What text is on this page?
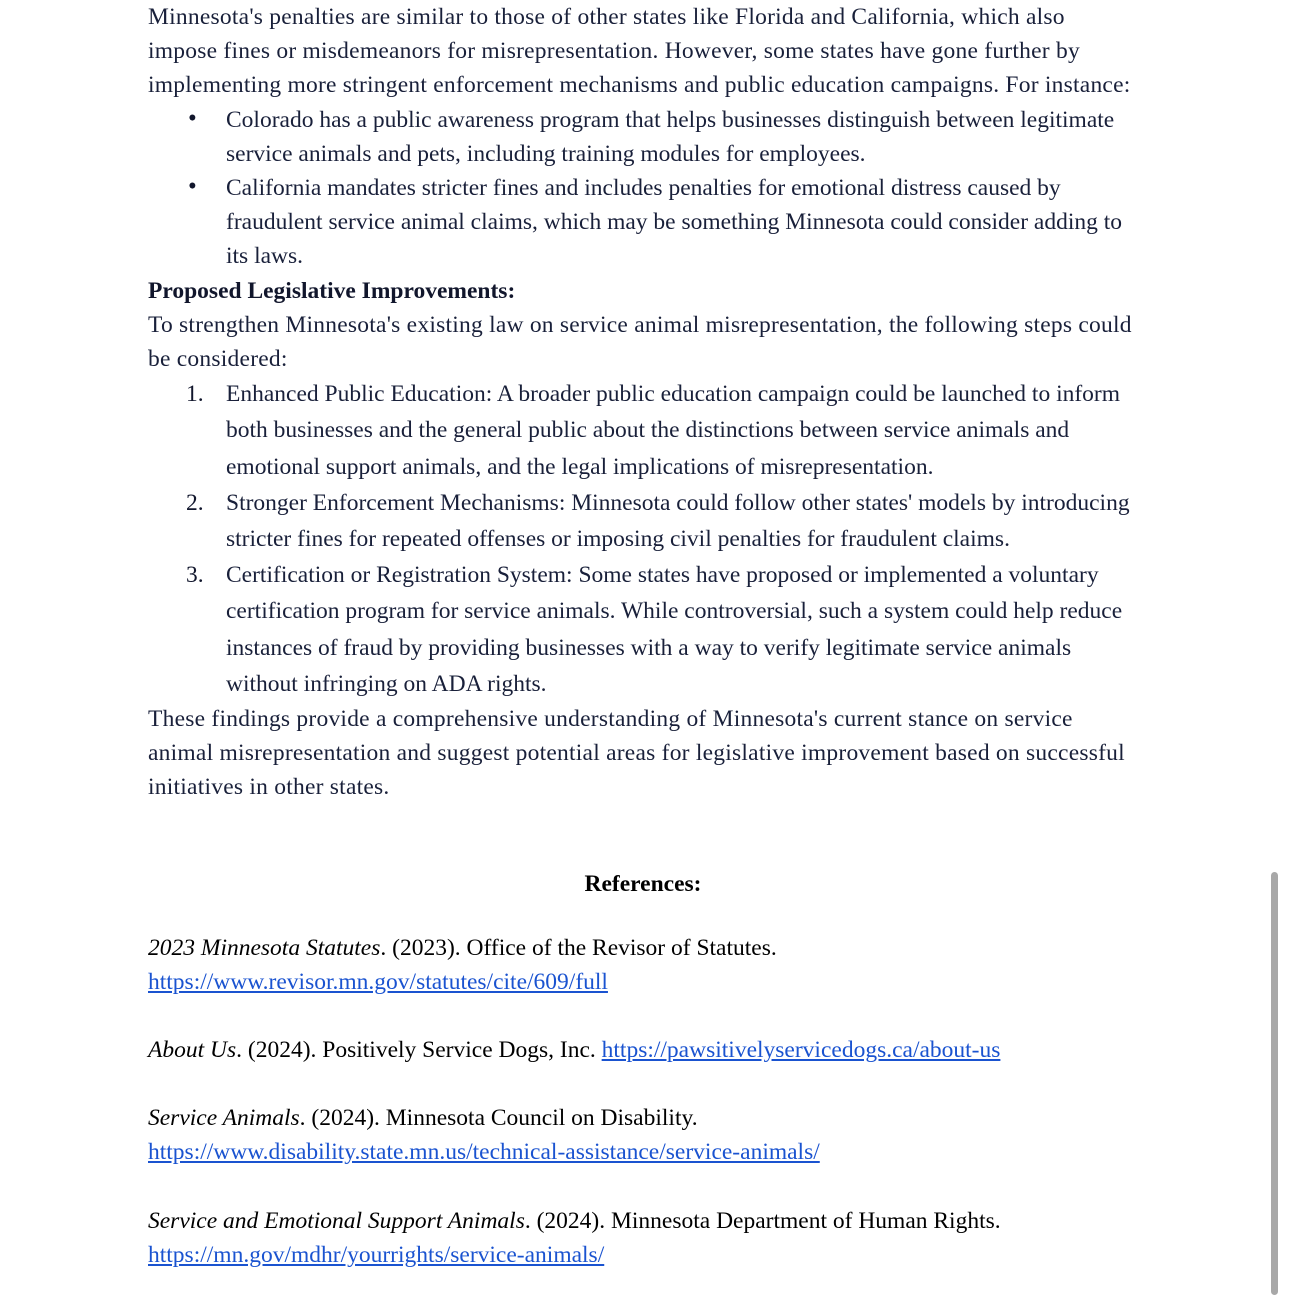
Minnesota's penalties are similar to those of other states like Florida and California, which also impose fines or misdemeanors for misrepresentation. However, some states have gone further by implementing more stringent enforcement mechanisms and public education campaigns. For instance:

• Colorado has a public awareness program that helps businesses distinguish between legitimate service animals and pets, including training modules for employees.
• California mandates stricter fines and includes penalties for emotional distress caused by fraudulent service animal claims, which may be something Minnesota could consider adding to its laws.

Proposed Legislative Improvements:

To strengthen Minnesota's existing law on service animal misrepresentation, the following steps could be considered:

Enhanced Public Education: A broader public education campaign could be launched to inform both businesses and the general public about the distinctions between service animals and emotional support animals, and the legal implications of misrepresentation.
Stronger Enforcement Mechanisms: Minnesota could follow other states' models by introducing stricter fines for repeated offenses or imposing civil penalties for fraudulent claims.
Certification or Registration System: Some states have proposed or implemented a voluntary certification program for service animals. While controversial, such a system could help reduce instances of fraud by providing businesses with a way to verify legitimate service animals without infringing on ADA rights.

These findings provide a comprehensive understanding of Minnesota's current stance on service animal misrepresentation and suggest potential areas for legislative improvement based on successful initiatives in other states.

References:

2023 Minnesota Statutes. (2023). Office of the Revisor of Statutes.
https://www.revisor.mn.gov/statutes/cite/609/full
About Us. (2024). Positively Service Dogs, Inc. https://pawsitivelyservicedogs.ca/about-us
Service Animals. (2024). Minnesota Council on Disability.
https://www.disability.state.mn.us/technical-assistance/service-animals/
Service and Emotional Support Animals. (2024). Minnesota Department of Human Rights.
https://mn.gov/mdhr/yourrights/service-animals/
